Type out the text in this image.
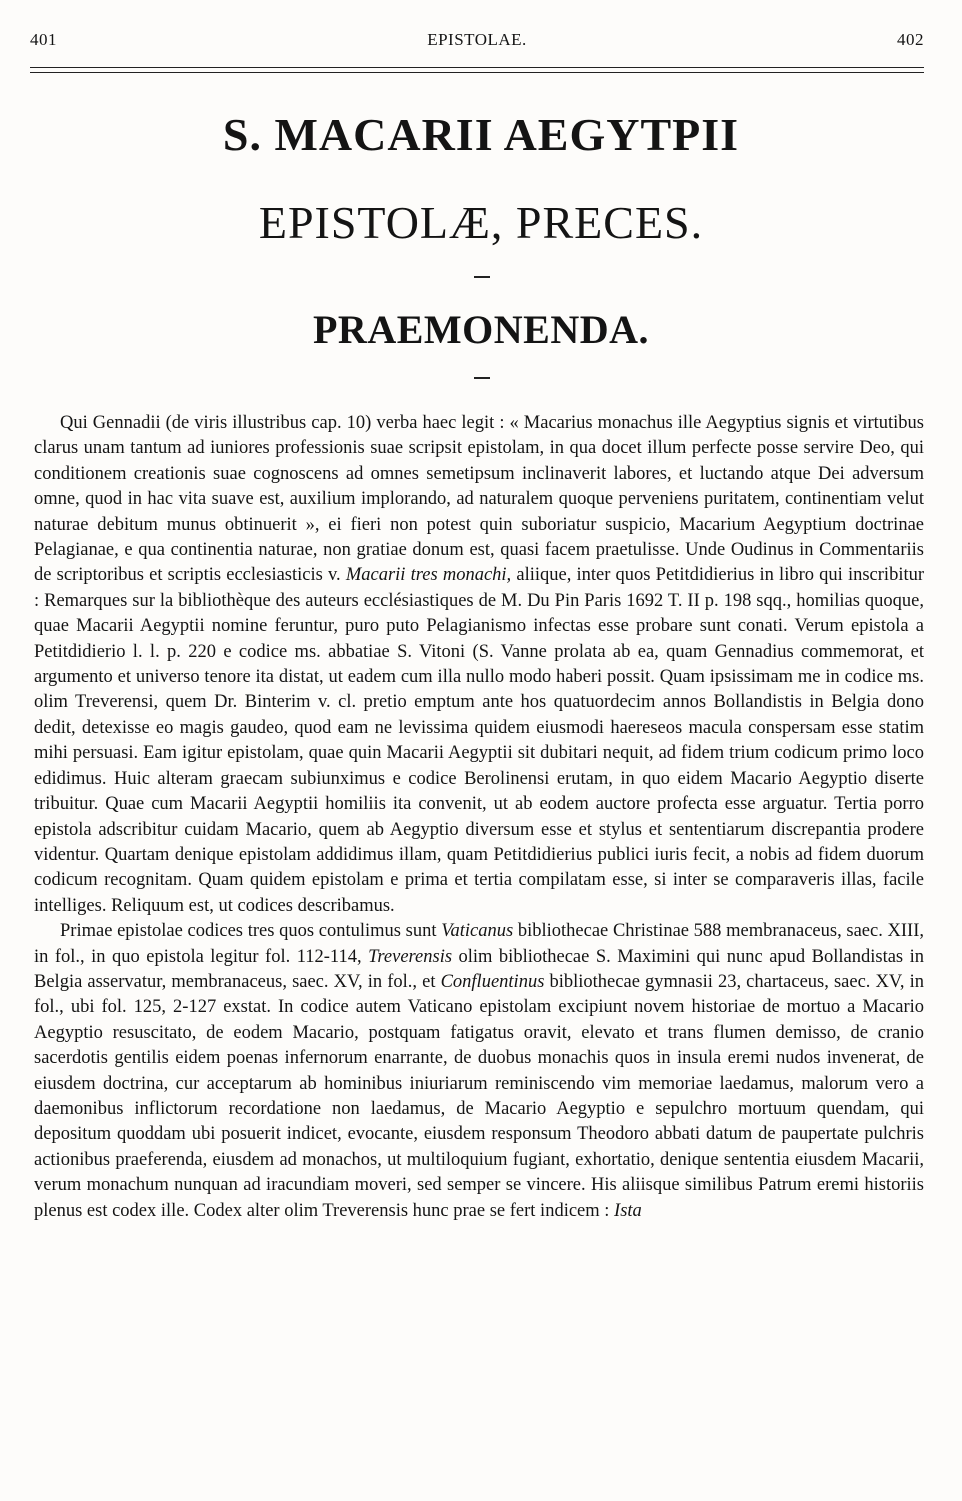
401	EPISTOLAE.	402
S. MACARII AEGYTPII
EPISTOLÆ, PRECES.
PRAEMONENDA.

Qui Gennadii (de viris illustribus cap. 10) verba haec legit : « Macarius monachus ille Aegyptius signis et virtutibus clarus unam tantum ad iuniores professionis suae scripsit epistolam, in qua docet illum perfecte posse servire Deo, qui conditionem creationis suae cognoscens ad omnes semetipsum inclinaverit labores, et luctando atque Dei adversum omne, quod in hac vita suave est, auxilium implorando, ad naturalem quoque perveniens puritatem, continentiam velut naturae debitum munus obtinuerit », ei fieri non potest quin suboriatur suspicio, Macarium Aegyptium doctrinae Pelagianae, e qua continentia naturae, non gratiae donum est, quasi facem praetulisse. Unde Oudinus in Commentariis de scriptoribus et scriptis ecclesiasticis v. Macarii tres monachi, aliique, inter quos Petitdidierius in libro qui inscribitur : Remarques sur la bibliothèque des auteurs ecclésiastiques de M. Du Pin Paris 1692 T. II p. 198 sqq., homilias quoque, quae Macarii Aegyptii nomine feruntur, puro puto Pelagianismo infectas esse probare sunt conati. Verum epistola a Petitdidierio l. l. p. 220 e codice ms. abbatiae S. Vitoni (S. Vanne prolata ab ea, quam Gennadius commemorat, et argumento et universo tenore ita distat, ut eadem cum illa nullo modo haberi possit. Quam ipsissimam me in codice ms. olim Treverensi, quem Dr. Binterim v. cl. pretio emptum ante hos quatuordecim annos Bollandistis in Belgia dono dedit, detexisse eo magis gaudeo, quod eam ne levissima quidem eiusmodi haereseos macula conspersam esse statim mihi persuasi. Eam igitur epistolam, quae quin Macarii Aegyptii sit dubitari nequit, ad fidem trium codicum primo loco edidimus. Huic alteram graecam subiunximus e codice Berolinensi erutam, in quo eidem Macario Aegyptio diserte tribuitur. Quae cum Macarii Aegyptii homiliis ita convenit, ut ab eodem auctore profecta esse arguatur. Tertia porro epistola adscribitur cuidam Macario, quem ab Aegyptio diversum esse et stylus et sententiarum discrepantia prodere videntur. Quartam denique epistolam addidimus illam, quam Petitdidierius publici iuris fecit, a nobis ad fidem duorum codicum recognitam. Quam quidem epistolam e prima et tertia compilatam esse, si inter se comparaveris illas, facile intelliges. Reliquum est, ut codices describamus.

Primae epistolae codices tres quos contulimus sunt Vaticanus bibliothecae Christinae 588 membranaceus, saec. XIII, in fol., in quo epistola legitur fol. 112-114, Treverensis olim bibliothecae S. Maximini qui nunc apud Bollandistas in Belgia asservatur, membranaceus, saec. XV, in fol., et Confluentinus bibliothecae gymnasii 23, chartaceus, saec. XV, in fol., ubi fol. 125, 2-127 exstat. In codice autem Vaticano epistolam excipiunt novem historiae de mortuo a Macario Aegyptio resuscitato, de eodem Macario, postquam fatigatus oravit, elevato et trans flumen demisso, de cranio sacerdotis gentilis eidem poenas infernorum enarrante, de duobus monachis quos in insula eremi nudos invenerat, de eiusdem doctrina, cur acceptarum ab hominibus iniuriarum reminiscendo vim memoriae laedamus, malorum vero a daemonibus inflictorum recordatione non laedamus, de Macario Aegyptio e sepulchro mortuum quendam, qui depositum quoddam ubi posuerit indicet, evocante, eiusdem responsum Theodoro abbati datum de paupertate pulchris actionibus praeferenda, eiusdem ad monachos, ut multiloquium fugiant, exhortatio, denique sententia eiusdem Macarii, verum monachum nunquan ad iracundiam moveri, sed semper se vincere. His aliisque similibus Patrum eremi historiis plenus est codex ille. Codex alter olim Treverensis hunc prae se fert indicem : Ista
